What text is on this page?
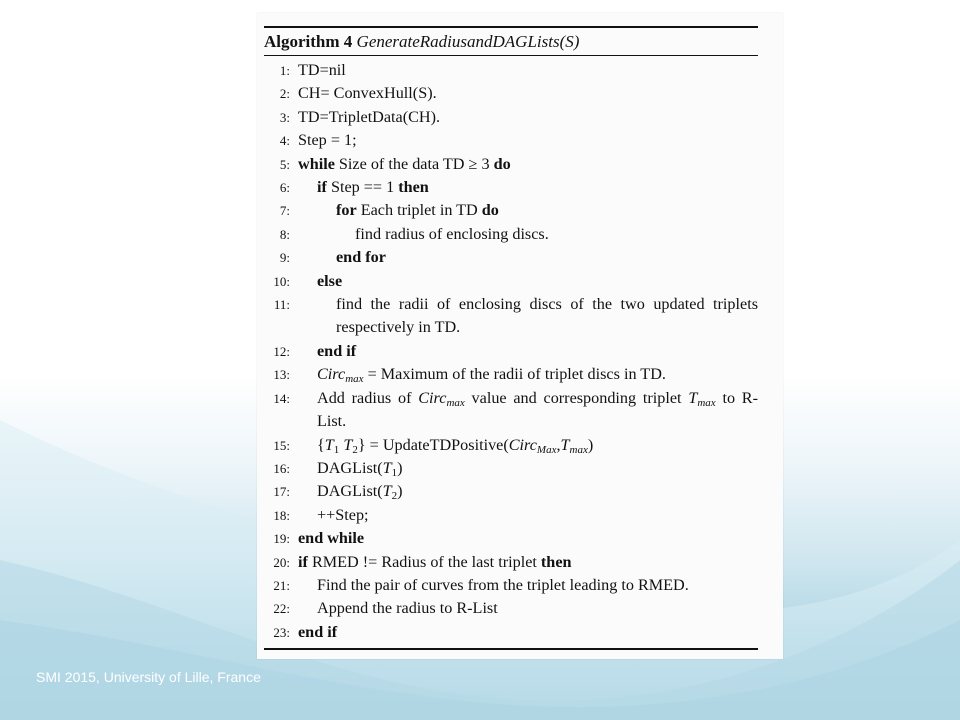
Algorithm 4 GenerateRadiusandDAGLists(S)
1: TD=nil
2: CH= ConvexHull(S).
3: TD=TripletData(CH).
4: Step = 1;
5: while Size of the data TD ≥ 3 do
6:	if Step == 1 then
7:	for Each triplet in TD do
8:	find radius of enclosing discs.
9:	end for
10:	else
11:	find the radii of enclosing discs of the two updated triplets respectively in TD.
12:	end if
13:	Circ$_{max}$ = Maximum of the radii of triplet discs in TD.
14:	Add radius of Circ$_{max}$ value and corresponding triplet $T_{max}$ to R-List.
15:	{$T_1$ $T_2$} = $UpdateTDPositive(Circ_{Max},T_{max})$
16:	$DAGList(T_1)$
17:	$DAGList(T_2)$
18:	++Step;
19: end while
20: if RMED != Radius of the last triplet then
21:	Find the pair of curves from the triplet leading to RMED.
22:	Append the radius to R-List
23: end if
SMI 2015, University of Lille, France
